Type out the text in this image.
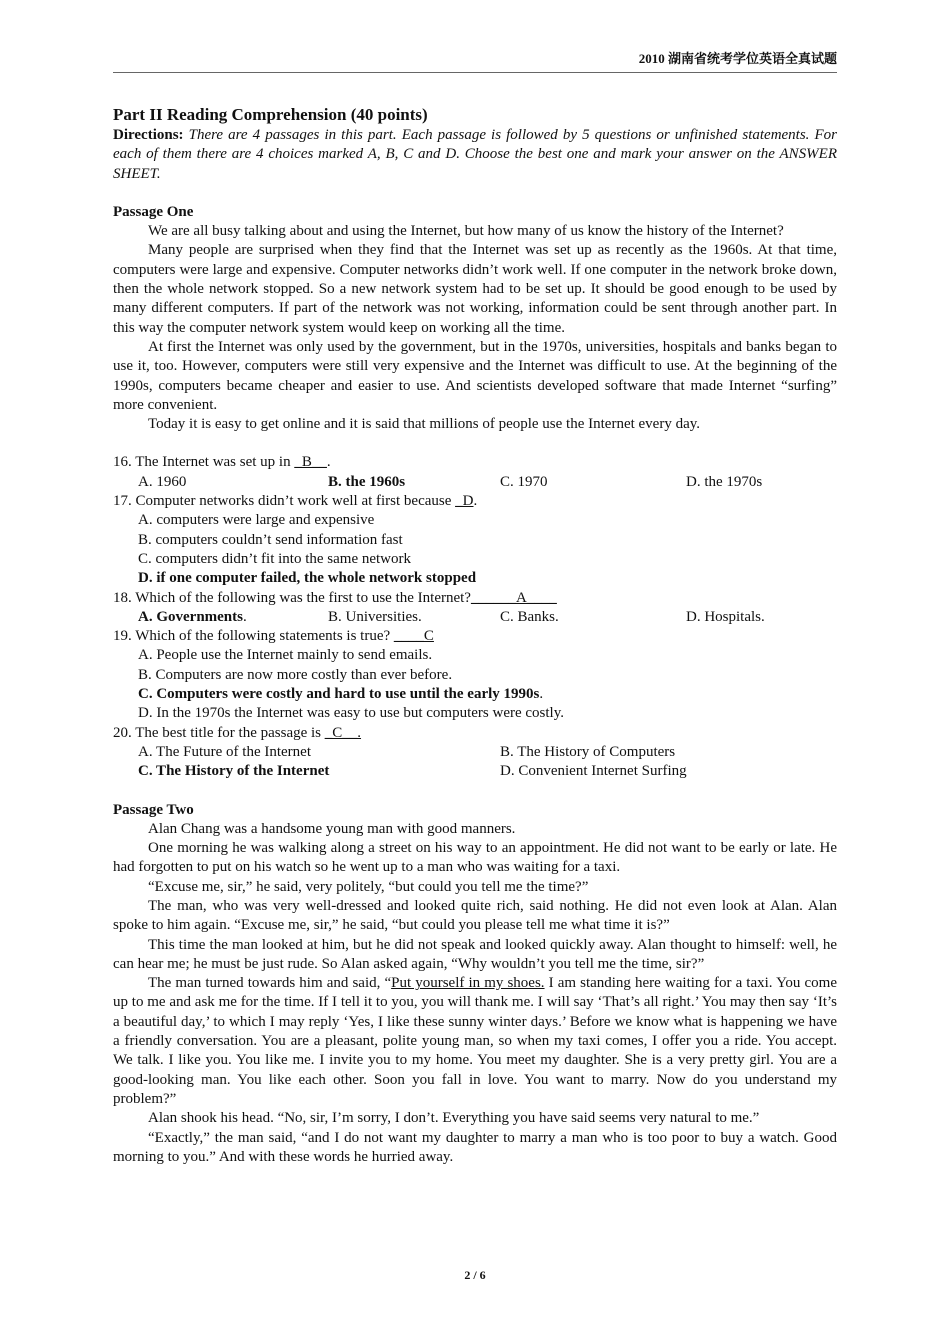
2010 湖南省统考学位英语全真试题
Part II Reading Comprehension (40 points)
Directions: There are 4 passages in this part. Each passage is followed by 5 questions or unfinished statements. For each of them there are 4 choices marked A, B, C and D. Choose the best one and mark your answer on the ANSWER SHEET.
Passage One
We are all busy talking about and using the Internet, but how many of us know the history of the Internet?
Many people are surprised when they find that the Internet was set up as recently as the 1960s. At that time, computers were large and expensive. Computer networks didn’t work well. If one computer in the network broke down, then the whole network stopped. So a new network system had to be set up. It should be good enough to be used by many different computers. If part of the network was not working, information could be sent through another part. In this way the computer network system would keep on working all the time.
At first the Internet was only used by the government, but in the 1970s, universities, hospitals and banks began to use it, too. However, computers were still very expensive and the Internet was difficult to use. At the beginning of the 1990s, computers became cheaper and easier to use. And scientists developed software that made Internet “surfing” more convenient.
Today it is easy to get online and it is said that millions of people use the Internet every day.
16. The Internet was set up in _B__.
A. 1960	B. the 1960s	C. 1970	D. the 1970s
17. Computer networks didn’t work well at first because _D.
A. computers were large and expensive
B. computers couldn’t send information fast
C. computers didn’t fit into the same network
D. if one computer failed, the whole network stopped
18. Which of the following was the first to use the Internet?______A____
A. Governments.	B. Universities.	C. Banks.	D. Hospitals.
19. Which of the following statements is true? ____C
A. People use the Internet mainly to send emails.
B. Computers are now more costly than ever before.
C. Computers were costly and hard to use until the early 1990s.
D. In the 1970s the Internet was easy to use but computers were costly.
20. The best title for the passage is _C__.
A. The Future of the Internet	B. The History of Computers
C. The History of the Internet	D. Convenient Internet Surfing
Passage Two
Alan Chang was a handsome young man with good manners.
One morning he was walking along a street on his way to an appointment. He did not want to be early or late. He had forgotten to put on his watch so he went up to a man who was waiting for a taxi.
“Excuse me, sir,” he said, very politely, “but could you tell me the time?”
The man, who was very well-dressed and looked quite rich, said nothing. He did not even look at Alan. Alan spoke to him again. “Excuse me, sir,” he said, “but could you please tell me what time it is?”
This time the man looked at him, but he did not speak and looked quickly away. Alan thought to himself: well, he can hear me; he must be just rude. So Alan asked again, “Why wouldn’t you tell me the time, sir?”
The man turned towards him and said, “Put yourself in my shoes. I am standing here waiting for a taxi. You come up to me and ask me for the time. If I tell it to you, you will thank me. I will say ‘That’s all right.’ You may then say ‘It’s a beautiful day,’ to which I may reply ‘Yes, I like these sunny winter days.’ Before we know what is happening we have a friendly conversation. You are a pleasant, polite young man, so when my taxi comes, I offer you a ride. You accept. We talk. I like you. You like me. I invite you to my home. You meet my daughter. She is a very pretty girl. You are a good-looking man. You like each other. Soon you fall in love. You want to marry. Now do you understand my problem?”
Alan shook his head. “No, sir, I’m sorry, I don’t. Everything you have said seems very natural to me.”
“Exactly,” the man said, “and I do not want my daughter to marry a man who is too poor to buy a watch. Good morning to you.” And with these words he hurried away.
2 / 6
